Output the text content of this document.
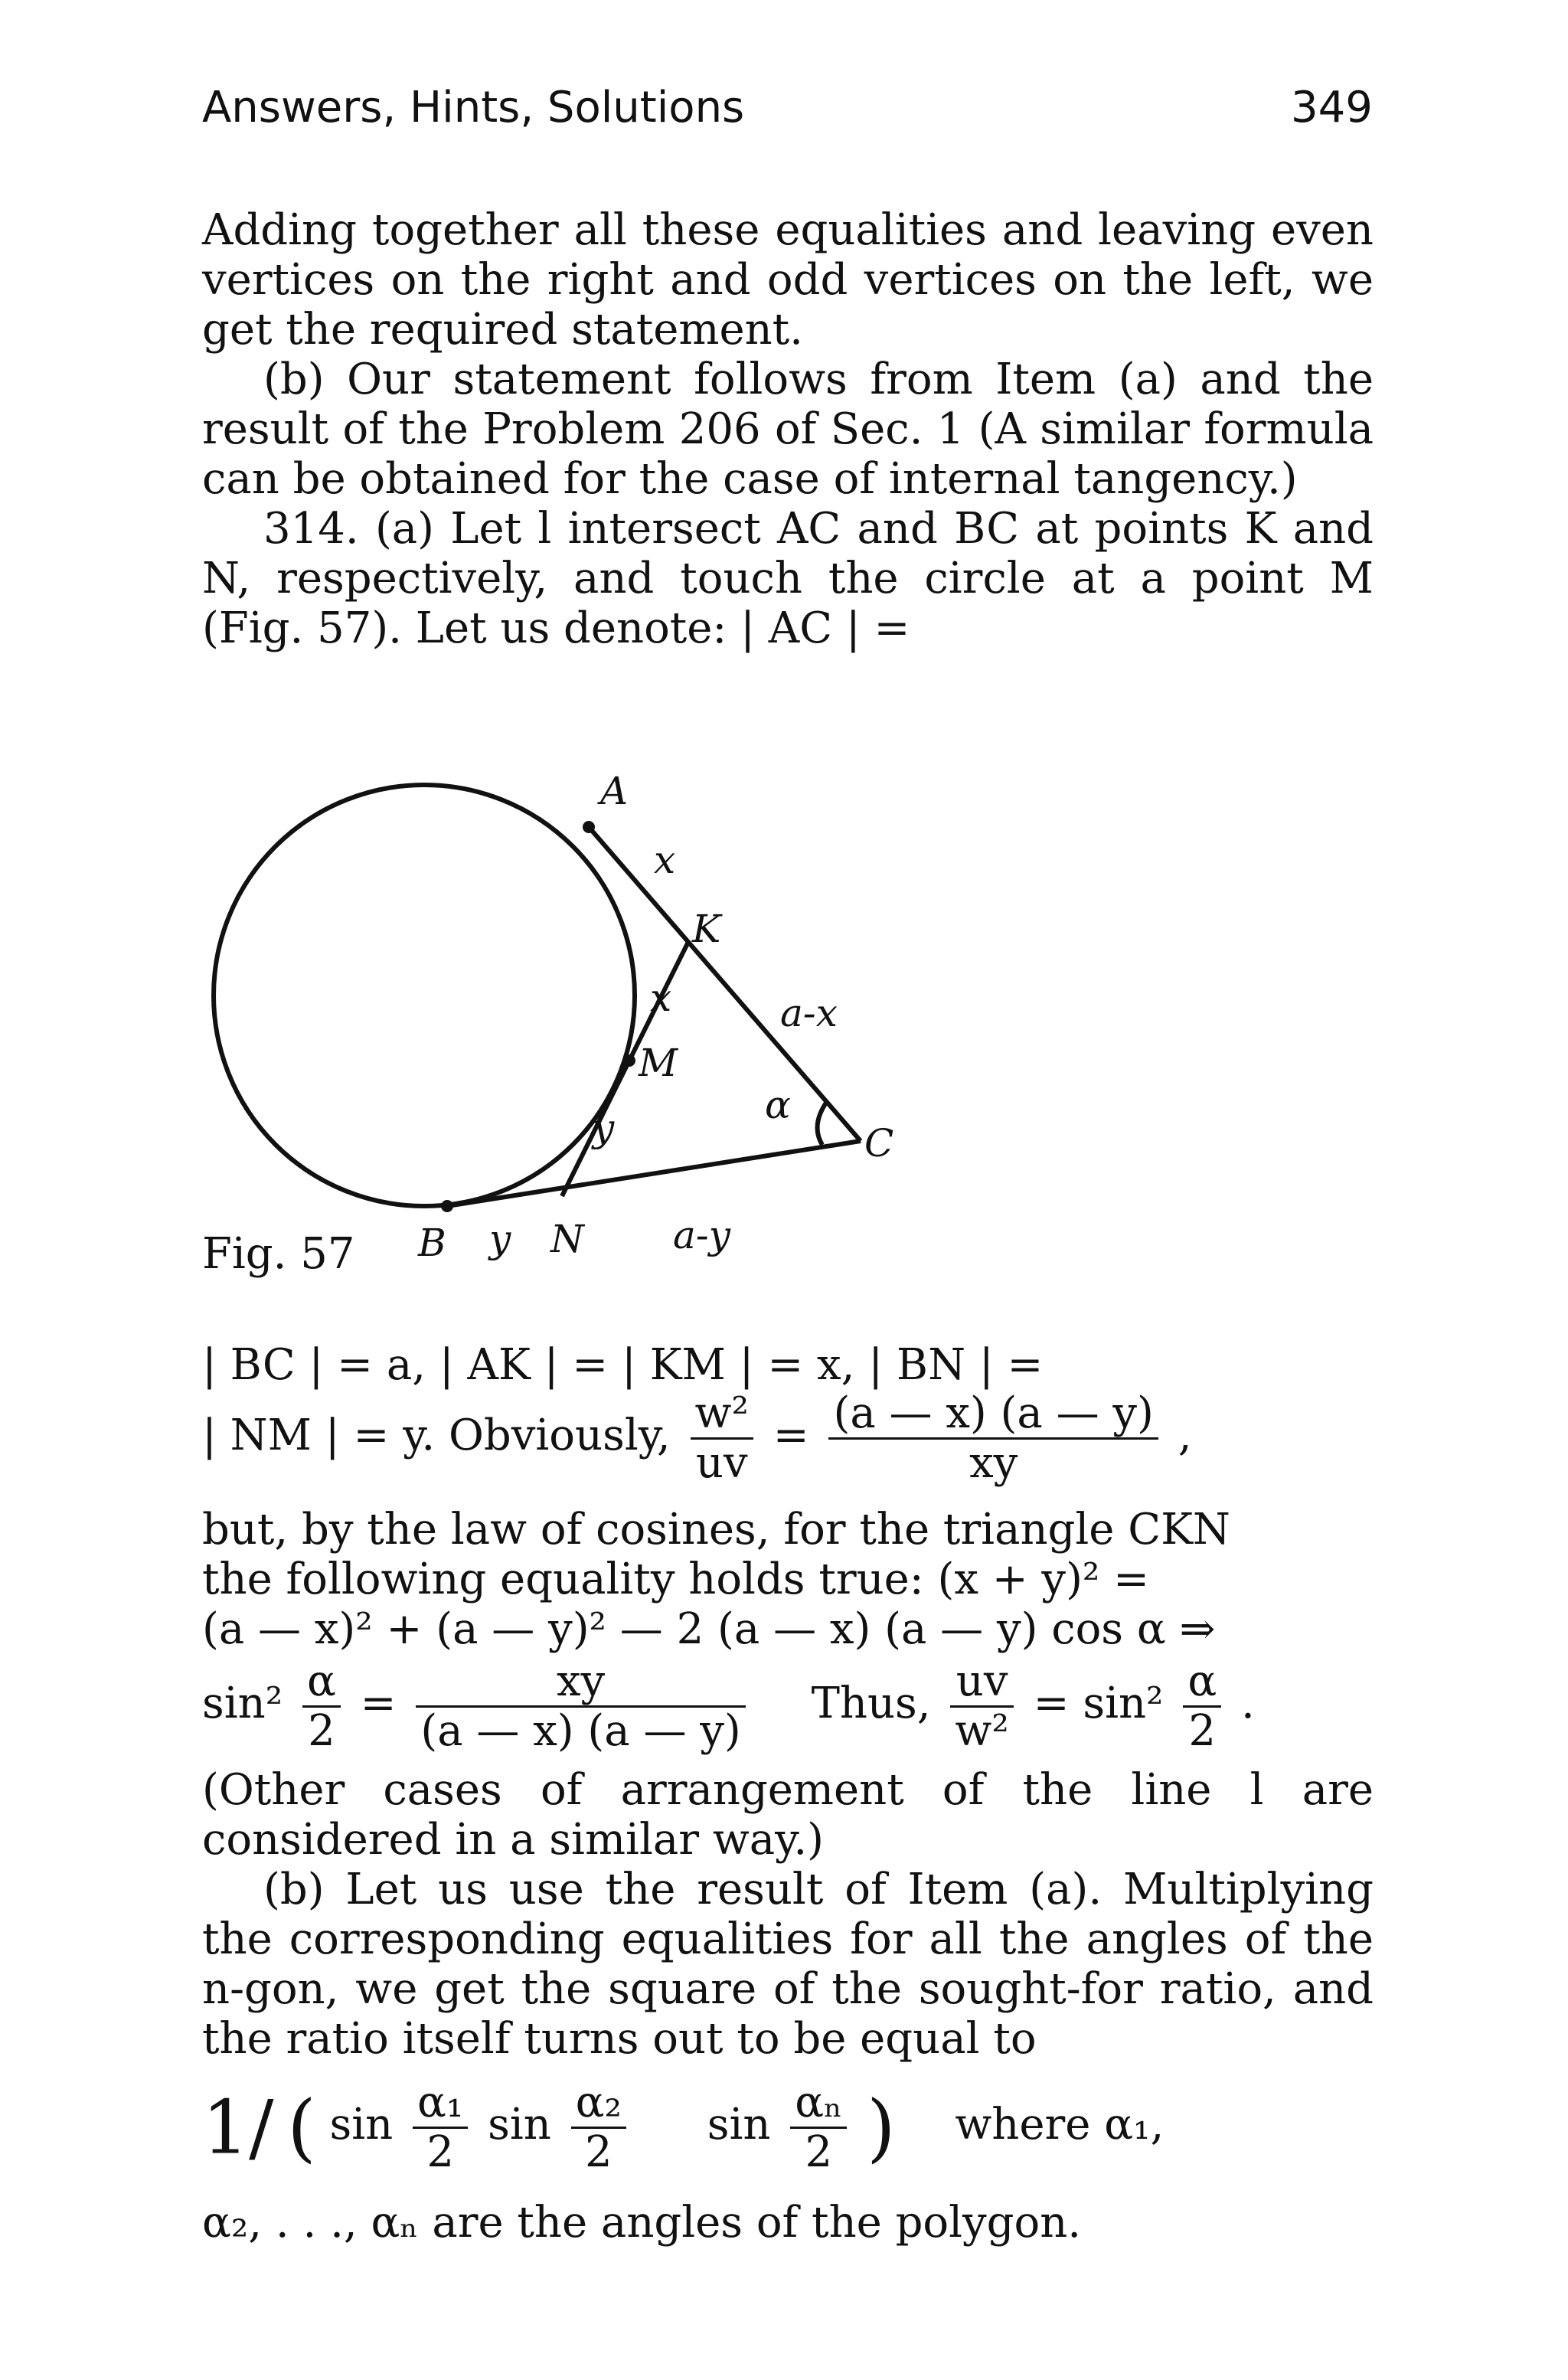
Answers, Hints, Solutions	349

Adding together all these equalities and leaving even vertices on the right and odd vertices on the left, we get the required statement.

(b) Our statement follows from Item (a) and the result of the Problem 206 of Sec. 1 (A similar formula can be obtained for the case of internal tangency.)

314. (a) Let l intersect AC and BC at points K and N, respectively, and touch the circle at a point M (Fig. 57). Let us denote: | AC | =

A
x
K
x	a-x
M
y
α
C
B y N a-y
Fig. 57
| BC | = a, | AK | = | KM | = x, | BN | =
| NM | = y. Obviously, $\frac{\text{w²}}{uv} = \frac{(a — x) (a — y)}{xy}$ ,
but, by the law of cosines, for the triangle CKN
the following equality holds true: (x + y)² =
(a — x)² + (a — y)² — 2 (a — x) (a — y) cos α ⇒
$\sin^2 \frac{\alpha}{2} = \frac{xy}{(a — x) (a — y)}$ Thus, $\frac{uv}{\text{w²}} = \sin^2 \frac{\alpha}{2}$ .

(Other cases of arrangement of the line l are considered in a similar way.)

(b) Let us use the result of Item (a). Multiplying the corresponding equalities for all the angles of the n-gon, we get the square of the sought-for ratio, and the ratio itself turns out to be equal to

1/ ( $\sin \frac{\text{α₁}}{2}$ $\sin \frac{\text{α₂}}{2}$ $\sin \frac{\text{αₙ}}{2}$ ) where α₁,
α₂, . . ., αₙ are the angles of the polygon.
